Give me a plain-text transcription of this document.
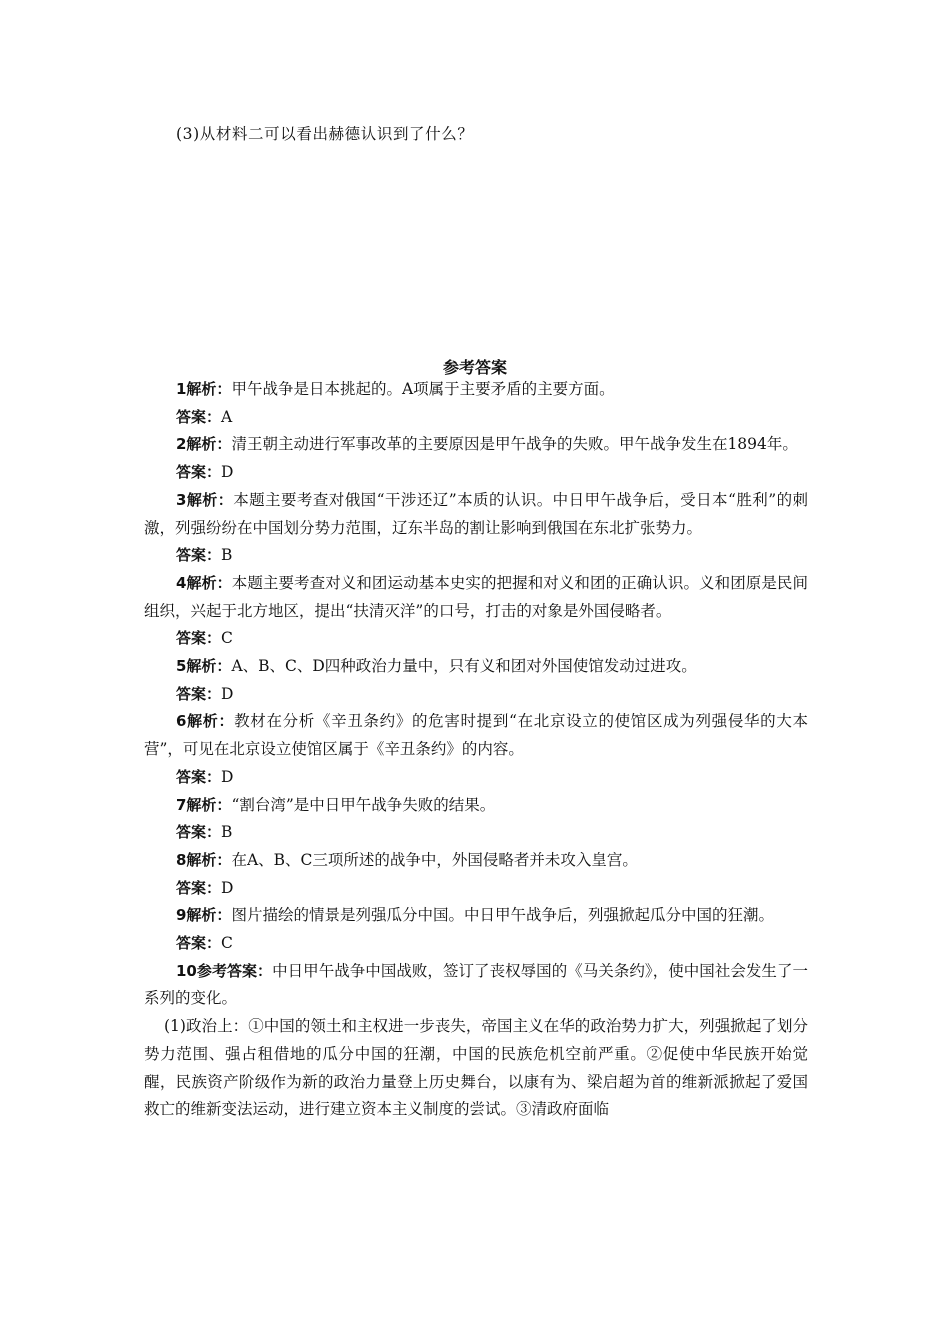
(3)从材料二可以看出赫德认识到了什么？
参考答案

1解析：甲午战争是日本挑起的。A项属于主要矛盾的主要方面。

答案：A

2解析：清王朝主动进行军事改革的主要原因是甲午战争的失败。甲午战争发生在1894年。

答案：D

3解析：本题主要考查对俄国“干涉还辽”本质的认识。中日甲午战争后，受日本“胜利”的刺激，列强纷纷在中国划分势力范围，辽东半岛的割让影响到俄国在东北扩张势力。

答案：B

4解析：本题主要考查对义和团运动基本史实的把握和对义和团的正确认识。义和团原是民间组织，兴起于北方地区，提出“扶清灭洋”的口号，打击的对象是外国侵略者。

答案：C

5解析：A、B、C、D四种政治力量中，只有义和团对外国使馆发动过进攻。

答案：D

6解析：教材在分析《辛丑条约》的危害时提到“在北京设立的使馆区成为列强侵华的大本营”，可见在北京设立使馆区属于《辛丑条约》的内容。

答案：D

7解析：“割台湾”是中日甲午战争失败的结果。

答案：B

8解析：在A、B、C三项所述的战争中，外国侵略者并未攻入皇宫。

答案：D

9解析：图片描绘的情景是列强瓜分中国。中日甲午战争后，列强掀起瓜分中国的狂潮。

答案：C

10参考答案：中日甲午战争中国战败，签订了丧权辱国的《马关条约》，使中国社会发生了一系列的变化。

(1)政治上：①中国的领土和主权进一步丧失，帝国主义在华的政治势力扩大，列强掀起了划分势力范围、强占租借地的瓜分中国的狂潮，中国的民族危机空前严重。②促使中华民族开始觉醒，民族资产阶级作为新的政治力量登上历史舞台，以康有为、梁启超为首的维新派掀起了爱国救亡的维新变法运动，进行建立资本主义制度的尝试。③清政府面临
